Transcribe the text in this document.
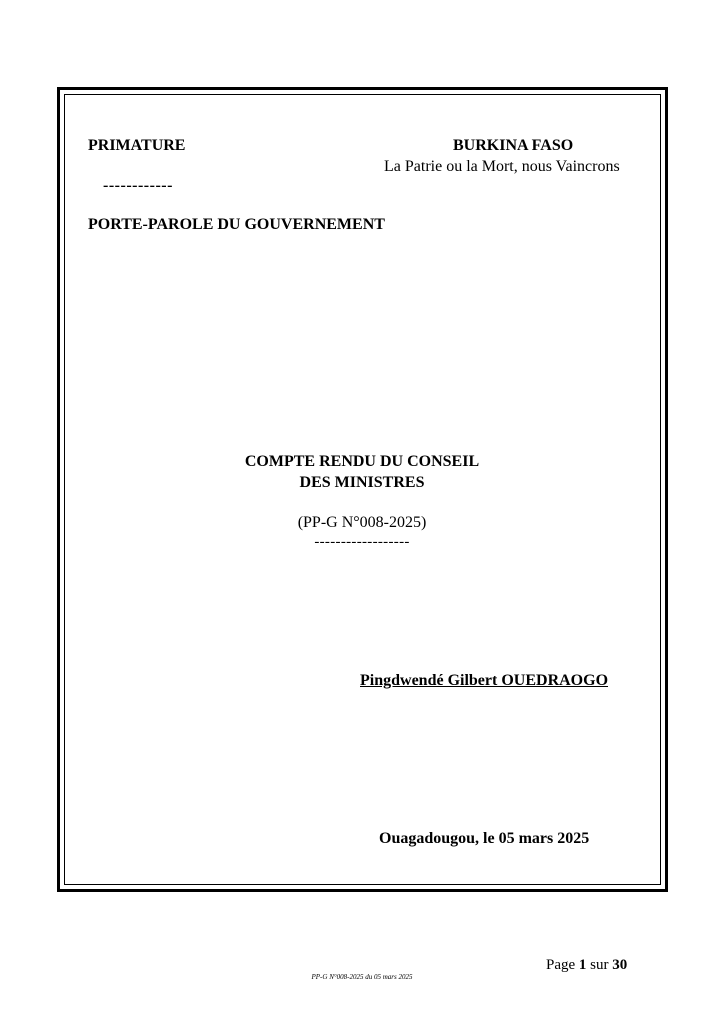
PRIMATURE
------------
PORTE-PAROLE DU GOUVERNEMENT
BURKINA FASO
La Patrie ou la Mort, nous Vaincrons
COMPTE RENDU DU CONSEIL
DES MINISTRES
(PP-G N°008-2025)
------------------
Pingdwendé Gilbert OUEDRAOGO
Ouagadougou, le 05 mars 2025
Page 1 sur 30
PP-G N°008-2025 du 05 mars 2025
